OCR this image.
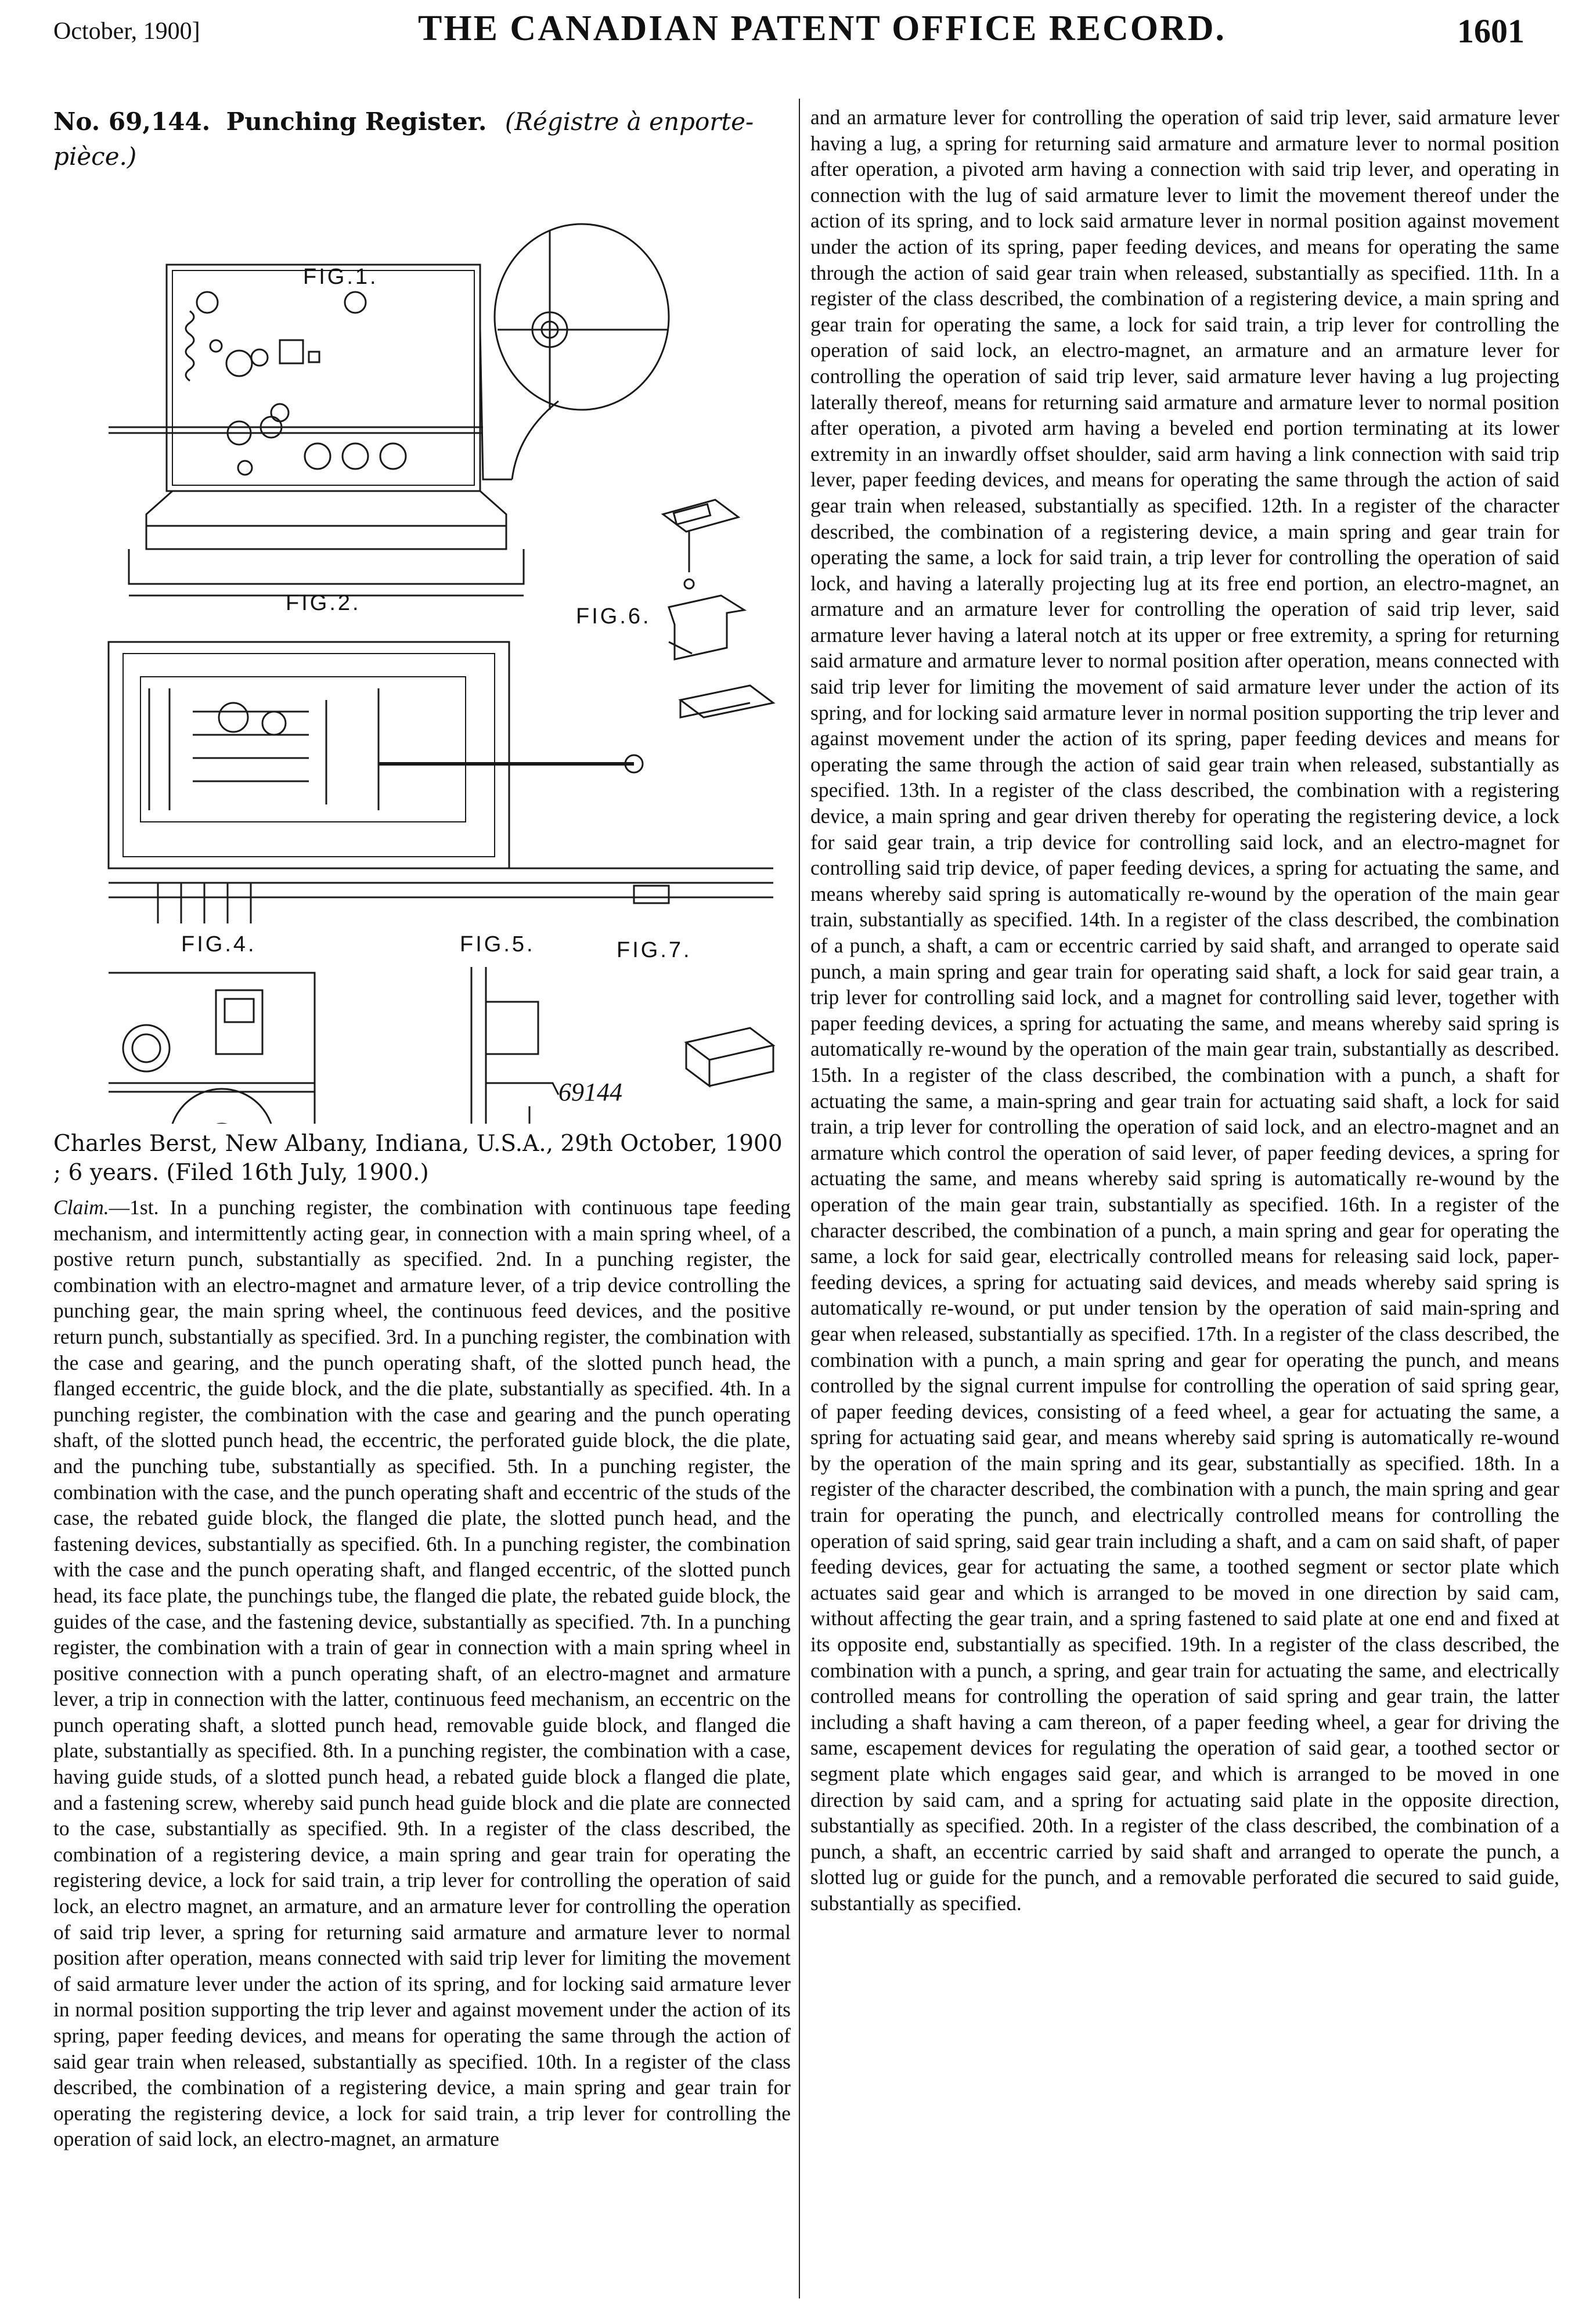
October, 1900]	THE CANADIAN PATENT OFFICE RECORD.	1601
No. 69,144. Punching Register. (Régistre à enporte-pièce.)
FIG.1.
FIG.2.
FIG.6.
FIG.4.	FIG.5.	FIG.7.
69144
Charles Berst, New Albany, Indiana, U.S.A., 29th October, 1900 ; 6 years. (Filed 16th July, 1900.)
Claim.—1st. In a punching register, the combination with continuous tape feeding mechanism, and intermittently acting gear, in connection with a main spring wheel, of a postive return punch, substantially as specified. 2nd. In a punching register, the combination with an electro-magnet and armature lever, of a trip device controlling the punching gear, the main spring wheel, the continuous feed devices, and the positive return punch, substantially as specified. 3rd. In a punching register, the combination with the case and gearing, and the punch operating shaft, of the slotted punch head, the flanged eccentric, the guide block, and the die plate, substantially as specified. 4th. In a punching register, the combination with the case and gearing and the punch operating shaft, of the slotted punch head, the eccentric, the perforated guide block, the die plate, and the punching tube, substantially as specified. 5th. In a punching register, the combination with the case, and the punch operating shaft and eccentric of the studs of the case, the rebated guide block, the flanged die plate, the slotted punch head, and the fastening devices, substantially as specified. 6th. In a punching register, the combination with the case and the punch operating shaft, and flanged eccentric, of the slotted punch head, its face plate, the punchings tube, the flanged die plate, the rebated guide block, the guides of the case, and the fastening device, substantially as specified. 7th. In a punching register, the combination with a train of gear in connection with a main spring wheel in positive connection with a punch operating shaft, of an electro-magnet and armature lever, a trip in connection with the latter, continuous feed mechanism, an eccentric on the punch operating shaft, a slotted punch head, removable guide block, and flanged die plate, substantially as specified. 8th. In a punching register, the combination with a case, having guide studs, of a slotted punch head, a rebated guide block a flanged die plate, and a fastening screw, whereby said punch head guide block and die plate are connected to the case, substantially as specified. 9th. In a register of the class described, the combination of a registering device, a main spring and gear train for operating the registering device, a lock for said train, a trip lever for controlling the operation of said lock, an electro magnet, an armature, and an armature lever for controlling the operation of said trip lever, a spring for returning said armature and armature lever to normal position after operation, means connected with said trip lever for limiting the movement of said armature lever under the action of its spring, and for locking said armature lever in normal position supporting the trip lever and against movement under the action of its spring, paper feeding devices, and means for operating the same through the action of said gear train when released, substantially as specified. 10th. In a register of the class described, the combination of a registering device, a main spring and gear train for operating the registering device, a lock for said train, a trip lever for controlling the operation of said lock, an electro-magnet, an armature
and an armature lever for controlling the operation of said trip lever, said armature lever having a lug, a spring for returning said armature and armature lever to normal position after operation, a pivoted arm having a connection with said trip lever, and operating in connection with the lug of said armature lever to limit the movement thereof under the action of its spring, and to lock said armature lever in normal position against movement under the action of its spring, paper feeding devices, and means for operating the same through the action of said gear train when released, substantially as specified. 11th. In a register of the class described, the combination of a registering device, a main spring and gear train for operating the same, a lock for said train, a trip lever for controlling the operation of said lock, an electro-magnet, an armature and an armature lever for controlling the operation of said trip lever, said armature lever having a lug projecting laterally thereof, means for returning said armature and armature lever to normal position after operation, a pivoted arm having a beveled end portion terminating at its lower extremity in an inwardly offset shoulder, said arm having a link connection with said trip lever, paper feeding devices, and means for operating the same through the action of said gear train when released, substantially as specified. 12th. In a register of the character described, the combination of a registering device, a main spring and gear train for operating the same, a lock for said train, a trip lever for controlling the operation of said lock, and having a laterally projecting lug at its free end portion, an electro-magnet, an armature and an armature lever for controlling the operation of said trip lever, said armature lever having a lateral notch at its upper or free extremity, a spring for returning said armature and armature lever to normal position after operation, means connected with said trip lever for limiting the movement of said armature lever under the action of its spring, and for locking said armature lever in normal position supporting the trip lever and against movement under the action of its spring, paper feeding devices and means for operating the same through the action of said gear train when released, substantially as specified. 13th. In a register of the class described, the combination with a registering device, a main spring and gear driven thereby for operating the registering device, a lock for said gear train, a trip device for controlling said lock, and an electro-magnet for controlling said trip device, of paper feeding devices, a spring for actuating the same, and means whereby said spring is automatically re-wound by the operation of the main gear train, substantially as specified. 14th. In a register of the class described, the combination of a punch, a shaft, a cam or eccentric carried by said shaft, and arranged to operate said punch, a main spring and gear train for operating said shaft, a lock for said gear train, a trip lever for controlling said lock, and a magnet for controlling said lever, together with paper feeding devices, a spring for actuating the same, and means whereby said spring is automatically re-wound by the operation of the main gear train, substantially as described. 15th. In a register of the class described, the combination with a punch, a shaft for actuating the same, a main-spring and gear train for actuating said shaft, a lock for said train, a trip lever for controlling the operation of said lock, and an electro-magnet and an armature which control the operation of said lever, of paper feeding devices, a spring for actuating the same, and means whereby said spring is automatically re-wound by the operation of the main gear train, substantially as specified. 16th. In a register of the character described, the combination of a punch, a main spring and gear for operating the same, a lock for said gear, electrically controlled means for releasing said lock, paper-feeding devices, a spring for actuating said devices, and meads whereby said spring is automatically re-wound, or put under tension by the operation of said main-spring and gear when released, substantially as specified. 17th. In a register of the class described, the combination with a punch, a main spring and gear for operating the punch, and means controlled by the signal current impulse for controlling the operation of said spring gear, of paper feeding devices, consisting of a feed wheel, a gear for actuating the same, a spring for actuating said gear, and means whereby said spring is automatically re-wound by the operation of the main spring and its gear, substantially as specified. 18th. In a register of the character described, the combination with a punch, the main spring and gear train for operating the punch, and electrically controlled means for controlling the operation of said spring, said gear train including a shaft, and a cam on said shaft, of paper feeding devices, gear for actuating the same, a toothed segment or sector plate which actuates said gear and which is arranged to be moved in one direction by said cam, without affecting the gear train, and a spring fastened to said plate at one end and fixed at its opposite end, substantially as specified. 19th. In a register of the class described, the combination with a punch, a spring, and gear train for actuating the same, and electrically controlled means for controlling the operation of said spring and gear train, the latter including a shaft having a cam thereon, of a paper feeding wheel, a gear for driving the same, escapement devices for regulating the operation of said gear, a toothed sector or segment plate which engages said gear, and which is arranged to be moved in one direction by said cam, and a spring for actuating said plate in the opposite direction, substantially as specified. 20th. In a register of the class described, the combination of a punch, a shaft, an eccentric carried by said shaft and arranged to operate the punch, a slotted lug or guide for the punch, and a removable perforated die secured to said guide, substantially as specified.
